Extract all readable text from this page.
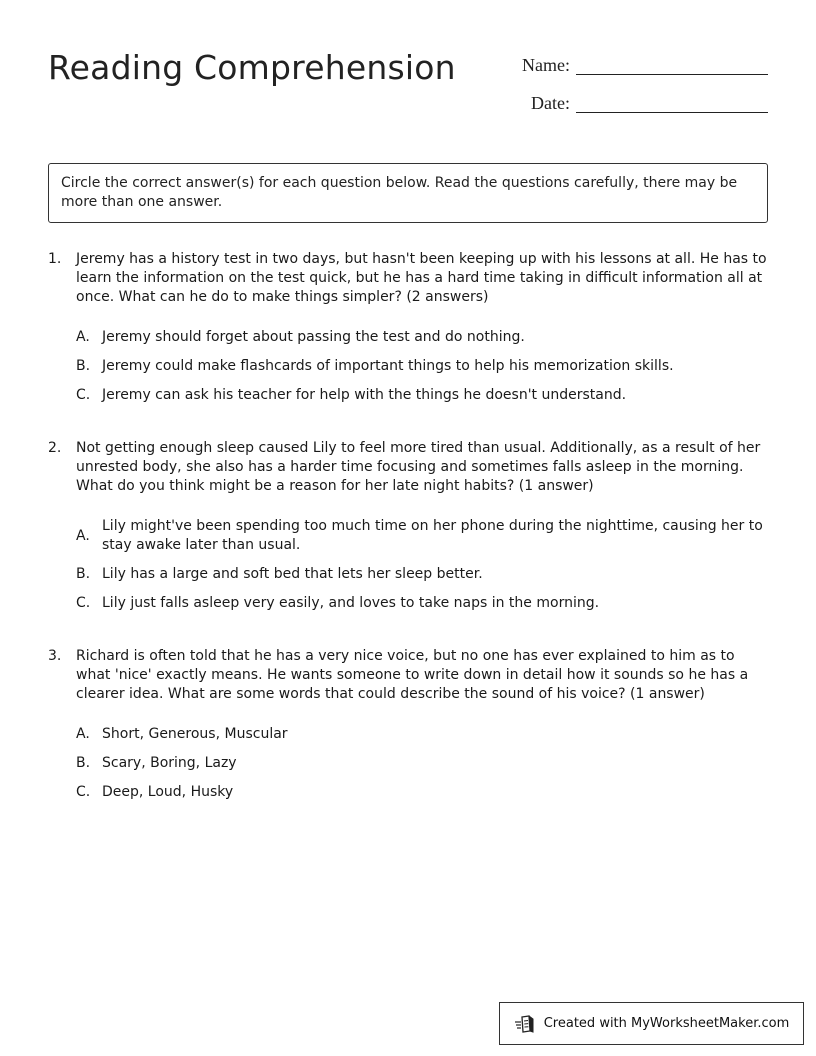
Reading Comprehension	Name:
Date:
Circle the correct answer(s) for each question below. Read the questions carefully, there may be more than one answer.
1.	Jeremy has a history test in two days, but hasn't been keeping up with his lessons at all. He has to learn the information on the test quick, but he has a hard time taking in difficult information all at once. What can he do to make things simpler? (2 answers)
A. Jeremy should forget about passing the test and do nothing.
B. Jeremy could make flashcards of important things to help his memorization skills.
C. Jeremy can ask his teacher for help with the things he doesn't understand.
2.	Not getting enough sleep caused Lily to feel more tired than usual. Additionally, as a result of her unrested body, she also has a harder time focusing and sometimes falls asleep in the morning. What do you think might be a reason for her late night habits? (1 answer)
A.
Lily might've been spending too much time on her phone during the nighttime, causing her to stay awake later than usual.
B. Lily has a large and soft bed that lets her sleep better.
C. Lily just falls asleep very easily, and loves to take naps in the morning.
3.	Richard is often told that he has a very nice voice, but no one has ever explained to him as to what 'nice' exactly means. He wants someone to write down in detail how it sounds so he has a clearer idea. What are some words that could describe the sound of his voice? (1 answer)
A. Short, Generous, Muscular
B. Scary, Boring, Lazy
C. Deep, Loud, Husky
Created with MyWorksheetMaker.com
